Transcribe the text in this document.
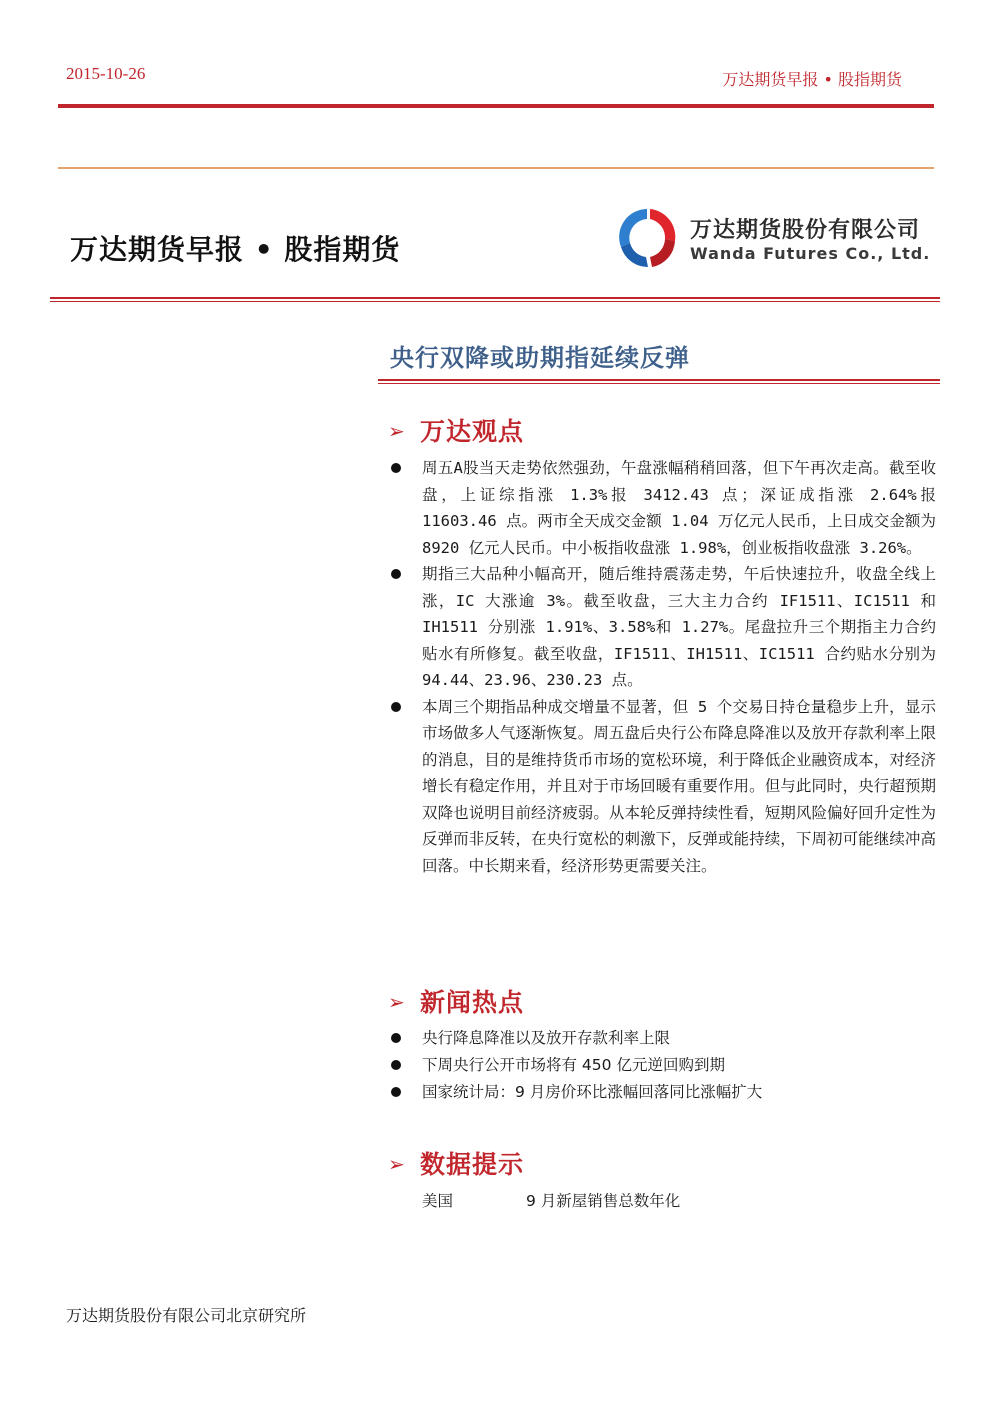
2015-10-26	万达期货早报 • 股指期货
万达期货早报 • 股指期货
万达期货股份有限公司
Wanda Futures Co., Ltd.
央行双降或助期指延续反弹
➢ 万达观点
周五A股当天走势依然强劲，午盘涨幅稍稍回落，但下午再次走高。截至收盘，上证综指涨 1.3%报 3412.43 点；深证成指涨 2.64%报 11603.46 点。两市全天成交金额 1.04 万亿元人民币，上日成交金额为 8920 亿元人民币。中小板指收盘涨 1.98%，创业板指收盘涨 3.26%。
期指三大品种小幅高开，随后维持震荡走势，午后快速拉升，收盘全线上涨，IC 大涨逾 3%。截至收盘，三大主力合约 IF1511、IC1511 和 IH1511 分别涨 1.91%、3.58%和 1.27%。尾盘拉升三个期指主力合约贴水有所修复。截至收盘，IF1511、IH1511、IC1511 合约贴水分别为 94.44、23.96、230.23 点。
本周三个期指品种成交增量不显著，但 5 个交易日持仓量稳步上升，显示市场做多人气逐渐恢复。周五盘后央行公布降息降准以及放开存款利率上限的消息，目的是维持货币市场的宽松环境，利于降低企业融资成本，对经济增长有稳定作用，并且对于市场回暖有重要作用。但与此同时，央行超预期双降也说明目前经济疲弱。从本轮反弹持续性看，短期风险偏好回升定性为反弹而非反转，在央行宽松的刺激下，反弹或能持续，下周初可能继续冲高回落。中长期来看，经济形势更需要关注。
➢ 新闻热点
央行降息降准以及放开存款利率上限
下周央行公开市场将有 450 亿元逆回购到期
国家统计局：9 月房价环比涨幅回落同比涨幅扩大
➢ 数据提示
美国	9 月新屋销售总数年化
万达期货股份有限公司北京研究所
